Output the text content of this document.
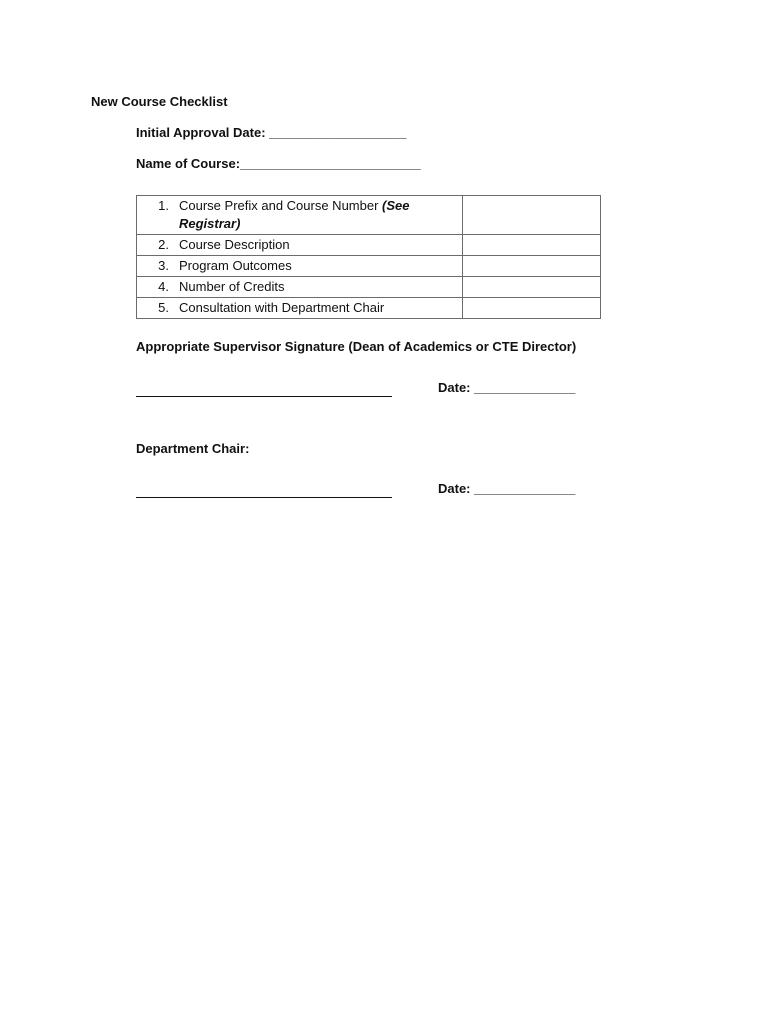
New Course Checklist
Initial Approval Date: ___________________
Name of Course:_________________________
1. Course Prefix and Course Number (See Registrar)	

2. Course Description	

3. Program Outcomes	

4. Number of Credits	

5. Consultation with Department Chair	

Appropriate Supervisor Signature (Dean of Academics or CTE Director)
Date: ______________
Department Chair:
Date: ______________
